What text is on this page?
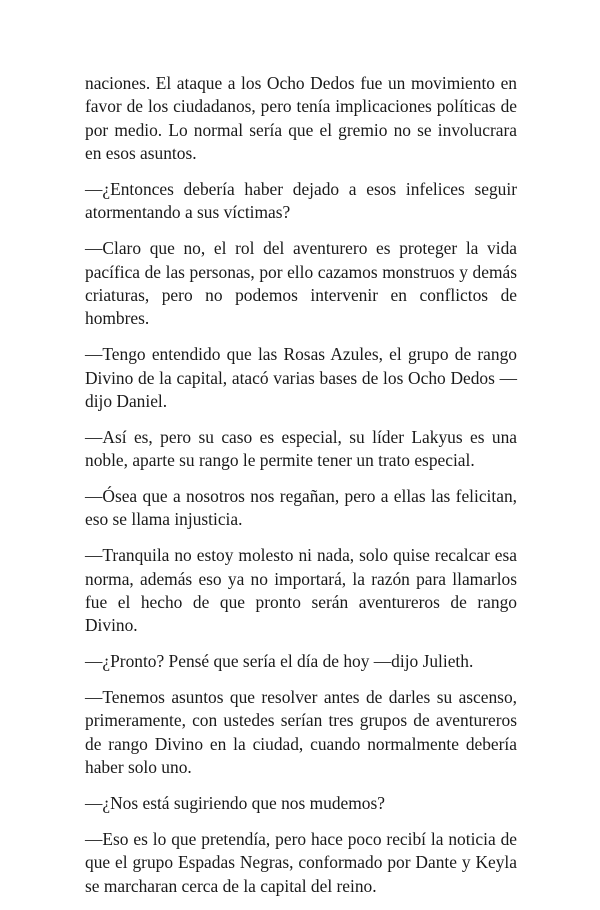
naciones. El ataque a los Ocho Dedos fue un movimiento en favor de los ciudadanos, pero tenía implicaciones políticas de por medio. Lo normal sería que el gremio no se involucrara en esos asuntos.

—¿Entonces debería haber dejado a esos infelices seguir atormentando a sus víctimas?

—Claro que no, el rol del aventurero es proteger la vida pacífica de las personas, por ello cazamos monstruos y demás criaturas, pero no podemos intervenir en conflictos de hombres.

—Tengo entendido que las Rosas Azules, el grupo de rango Divino de la capital, atacó varias bases de los Ocho Dedos —dijo Daniel.

—Así es, pero su caso es especial, su líder Lakyus es una noble, aparte su rango le permite tener un trato especial.

—Ósea que a nosotros nos regañan, pero a ellas las felicitan, eso se llama injusticia.

—Tranquila no estoy molesto ni nada, solo quise recalcar esa norma, además eso ya no importará, la razón para llamarlos fue el hecho de que pronto serán aventureros de rango Divino.

—¿Pronto? Pensé que sería el día de hoy —dijo Julieth.

—Tenemos asuntos que resolver antes de darles su ascenso, primeramente, con ustedes serían tres grupos de aventureros de rango Divino en la ciudad, cuando normalmente debería haber solo uno.

—¿Nos está sugiriendo que nos mudemos?

—Eso es lo que pretendía, pero hace poco recibí la noticia de que el grupo Espadas Negras, conformado por Dante y Keyla se marcharan cerca de la capital del reino.
